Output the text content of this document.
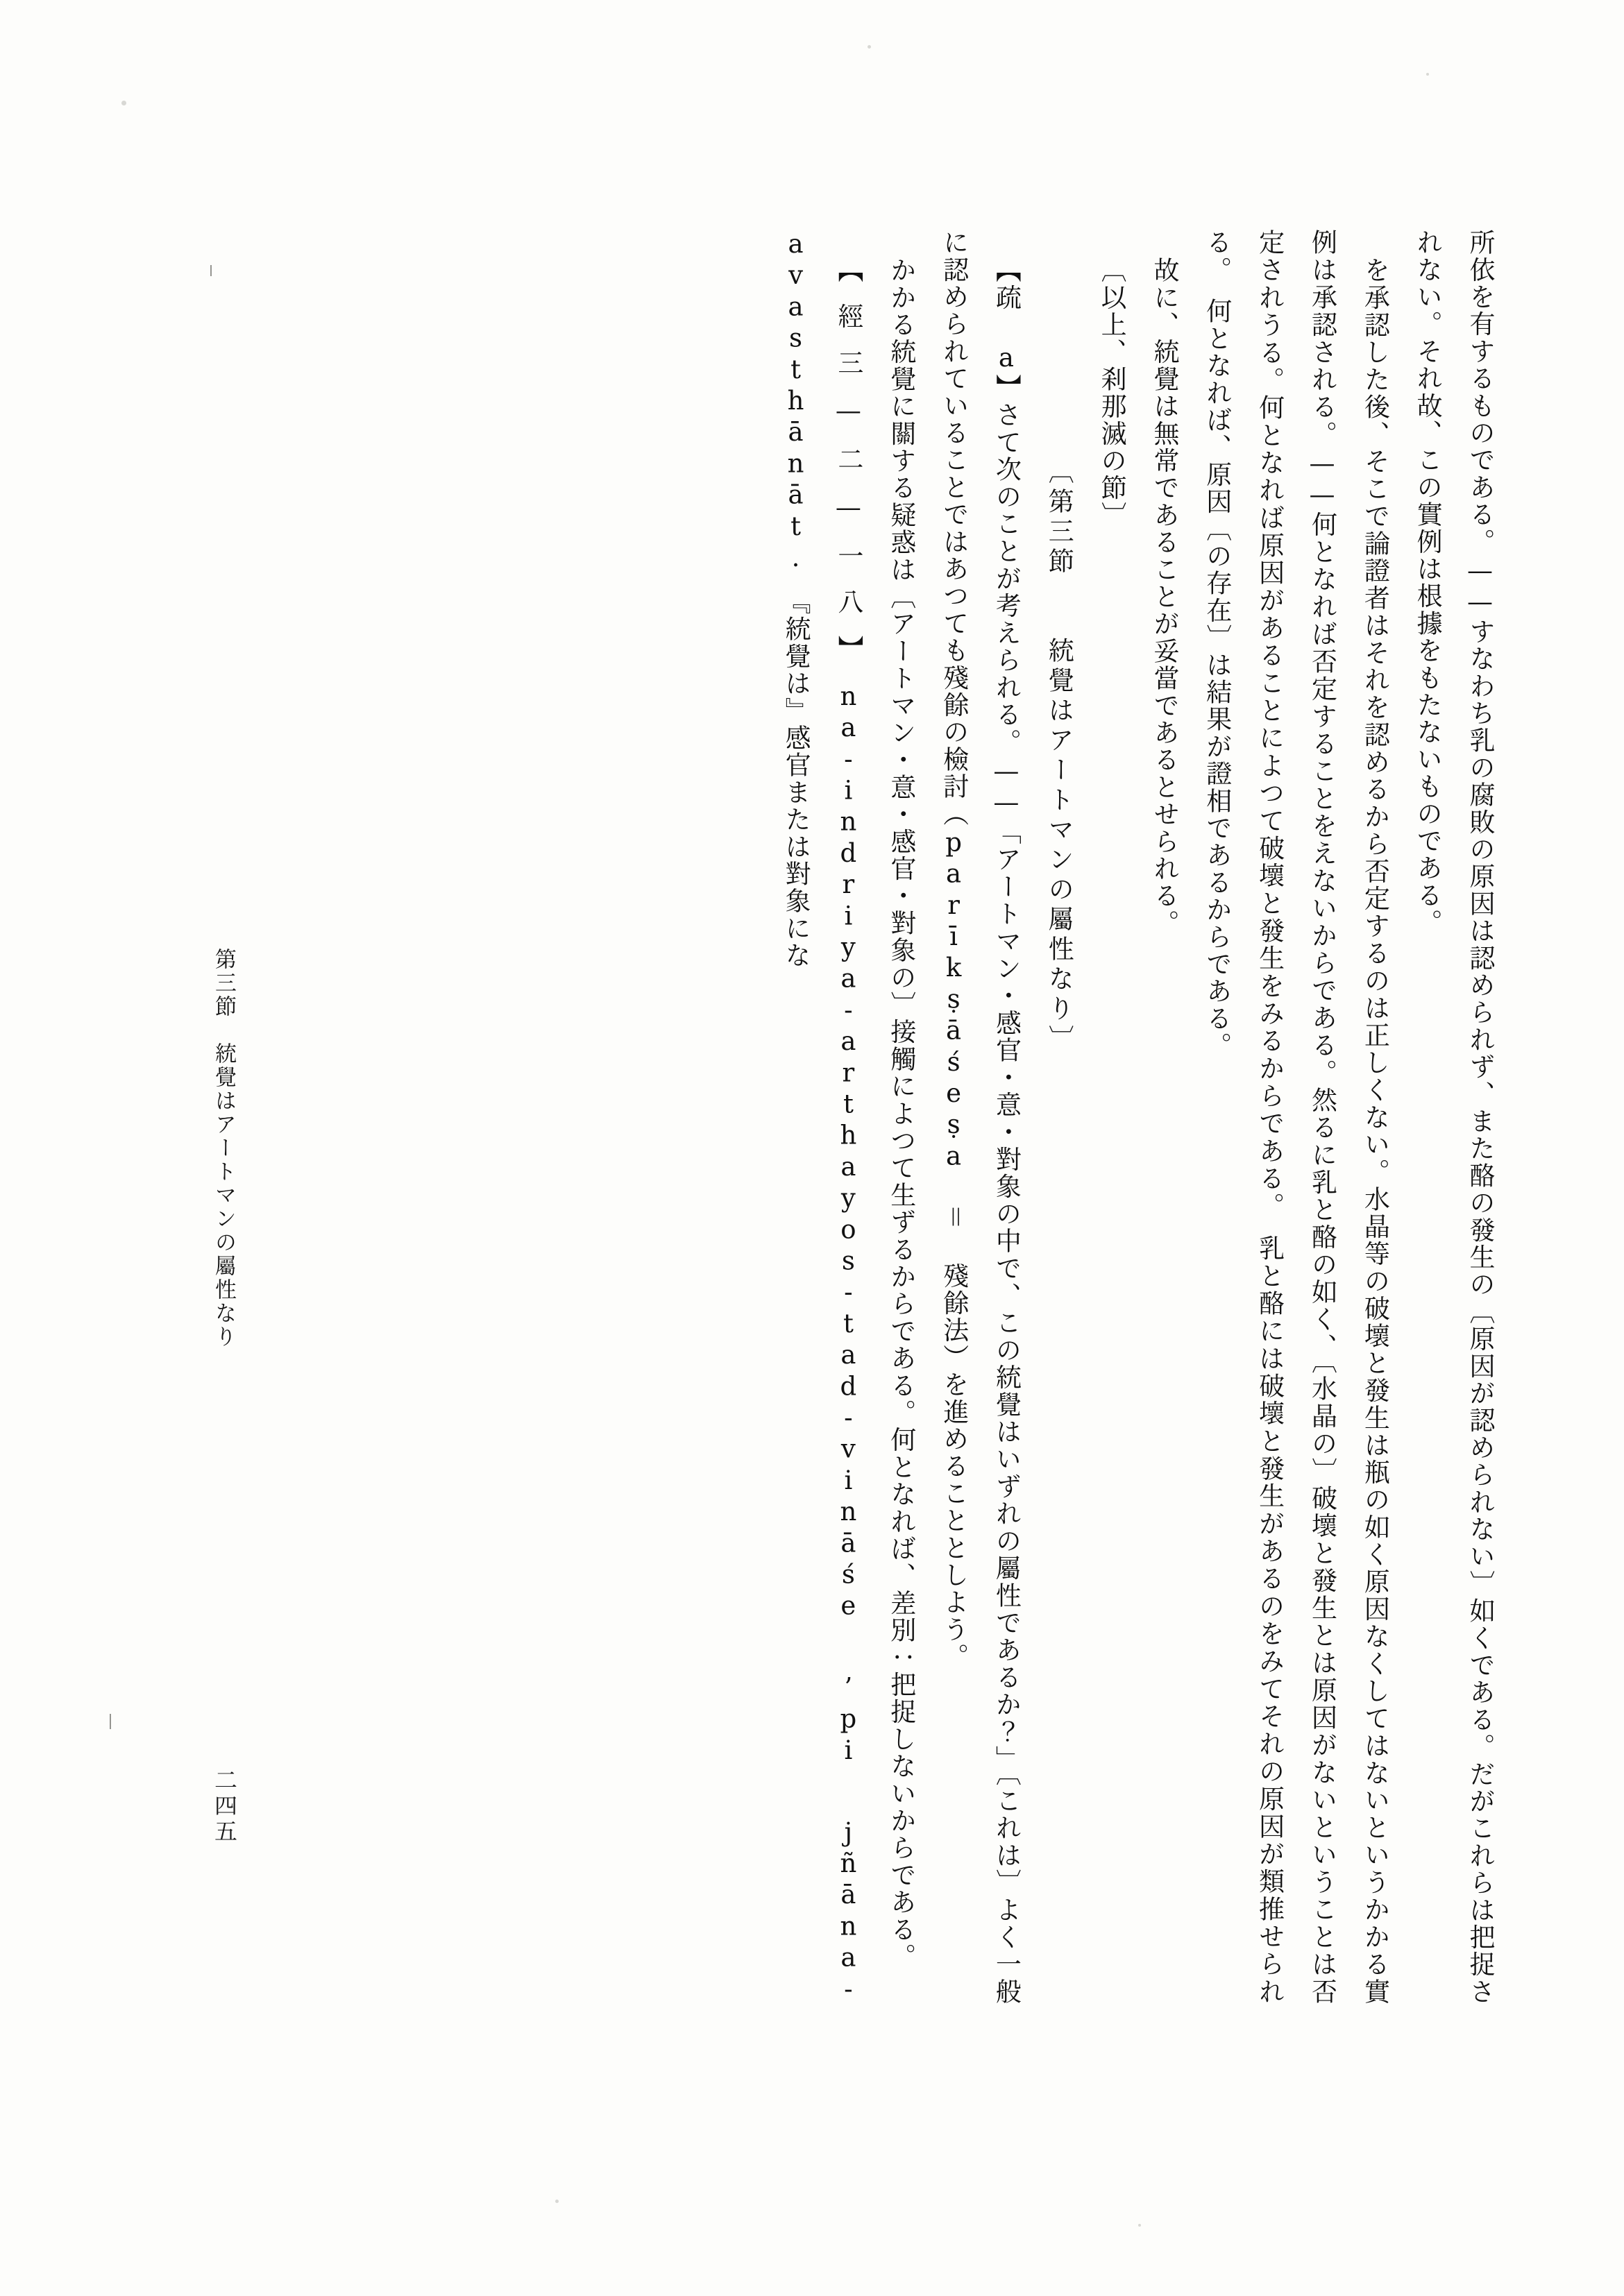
所依を有するものである。——すなわち乳の腐敗の原因は認められず、また酪の發生の〔原因が認められない〕如くである。だがこれらは把捉されない。それ故、この實例は根據をもたないものである。

を承認した後、そこで論證者はそれを認めるから否定するのは正しくない。水晶等の破壞と發生は瓶の如く原因なくしてはないというかかる實例は承認される。——何となれば否定することをえないからである。然るに乳と酪の如く、〔水晶の〕破壞と發生とは原因がないということは否定されうる。何となれば原因があることによつて破壞と發生をみるからである。　乳と酪には破壞と發生があるのをみてそれの原因が類推せられる。　何となれば、原因〔の存在〕は結果が證相であるからである。

故に、統覺は無常であることが妥當であるとせられる。

〔以上、刹那滅の節〕

〔第三節　　統覺はアートマンの屬性なり〕

【疏 a】さて次のことが考えられる。——「アートマン・感官・意・對象の中で、この統覺はいずれの屬性であるか？」〔これは〕よく一般に認められていることではあつても殘餘の檢討（parīkṣāśeṣa ＝ 殘餘法）を進めることとしよう。

かかる統覺に關する疑惑は〔アートマン・意・感官・對象の〕接觸によつて生ずるからである。何となれば、差別：把捉しないからである。

【經三—二—一八】na-indriya-arthayos-tad-vināśe ’pi jñāna-avasthānāt.　『統覺は』感官または對象にな

第三節　統覺はアートマンの屬性なり
二四五
